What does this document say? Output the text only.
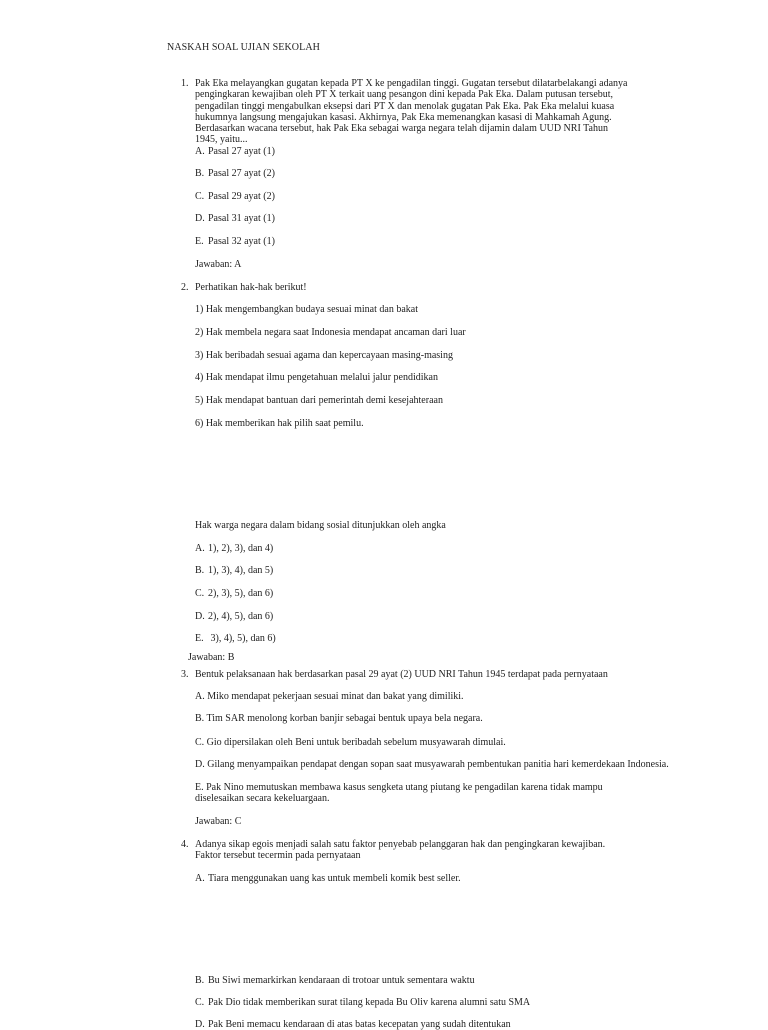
NASKAH SOAL UJIAN SEKOLAH
1. Pak Eka melayangkan gugatan kepada PT X ke pengadilan tinggi. Gugatan tersebut dilatarbelakangi adanya pengingkaran kewajiban oleh PT X terkait uang pesangon dini kepada Pak Eka. Dalam putusan tersebut, pengadilan tinggi mengabulkan eksepsi dari PT X dan menolak gugatan Pak Eka. Pak Eka melalui kuasa hukumnya langsung mengajukan kasasi. Akhirnya, Pak Eka memenangkan kasasi di Mahkamah Agung.
Berdasarkan wacana tersebut, hak Pak Eka sebagai warga negara telah dijamin dalam UUD NRI Tahun 1945, yaitu...
A. Pasal 27 ayat (1)
B. Pasal 27 ayat (2)
C. Pasal 29 ayat (2)
D. Pasal 31 ayat (1)
E. Pasal 32 ayat (1)
Jawaban: A
2. Perhatikan hak-hak berikut!
1) Hak mengembangkan budaya sesuai minat dan bakat
2) Hak membela negara saat Indonesia mendapat ancaman dari luar
3) Hak beribadah sesuai agama dan kepercayaan masing-masing
4) Hak mendapat ilmu pengetahuan melalui jalur pendidikan
5) Hak mendapat bantuan dari pemerintah demi kesejahteraan
6) Hak memberikan hak pilih saat pemilu.
Hak warga negara dalam bidang sosial ditunjukkan oleh angka
A. 1), 2), 3), dan 4)
B. 1), 3), 4), dan 5)
C. 2), 3), 5), dan 6)
D. 2), 4), 5), dan 6)
E. 3), 4), 5), dan 6)
Jawaban: B
3. Bentuk pelaksanaan hak berdasarkan pasal 29 ayat (2) UUD NRI Tahun 1945 terdapat pada pernyataan
A. Miko mendapat pekerjaan sesuai minat dan bakat yang dimiliki.
B. Tim SAR menolong korban banjir sebagai bentuk upaya bela negara.
C. Gio dipersilakan oleh Beni untuk beribadah sebelum musyawarah dimulai.
D. Gilang menyampaikan pendapat dengan sopan saat musyawarah pembentukan panitia hari kemerdekaan Indonesia.
E. Pak Nino memutuskan membawa kasus sengketa utang piutang ke pengadilan karena tidak mampu diselesaikan secara kekeluargaan.
Jawaban: C
4. Adanya sikap egois menjadi salah satu faktor penyebab pelanggaran hak dan pengingkaran kewajiban. Faktor tersebut tecermin pada pernyataan
A. Tiara menggunakan uang kas untuk membeli komik best seller.
B. Bu Siwi memarkirkan kendaraan di trotoar untuk sementara waktu
C. Pak Dio tidak memberikan surat tilang kepada Bu Oliv karena alumni satu SMA
D. Pak Beni memacu kendaraan di atas batas kecepatan yang sudah ditentukan
